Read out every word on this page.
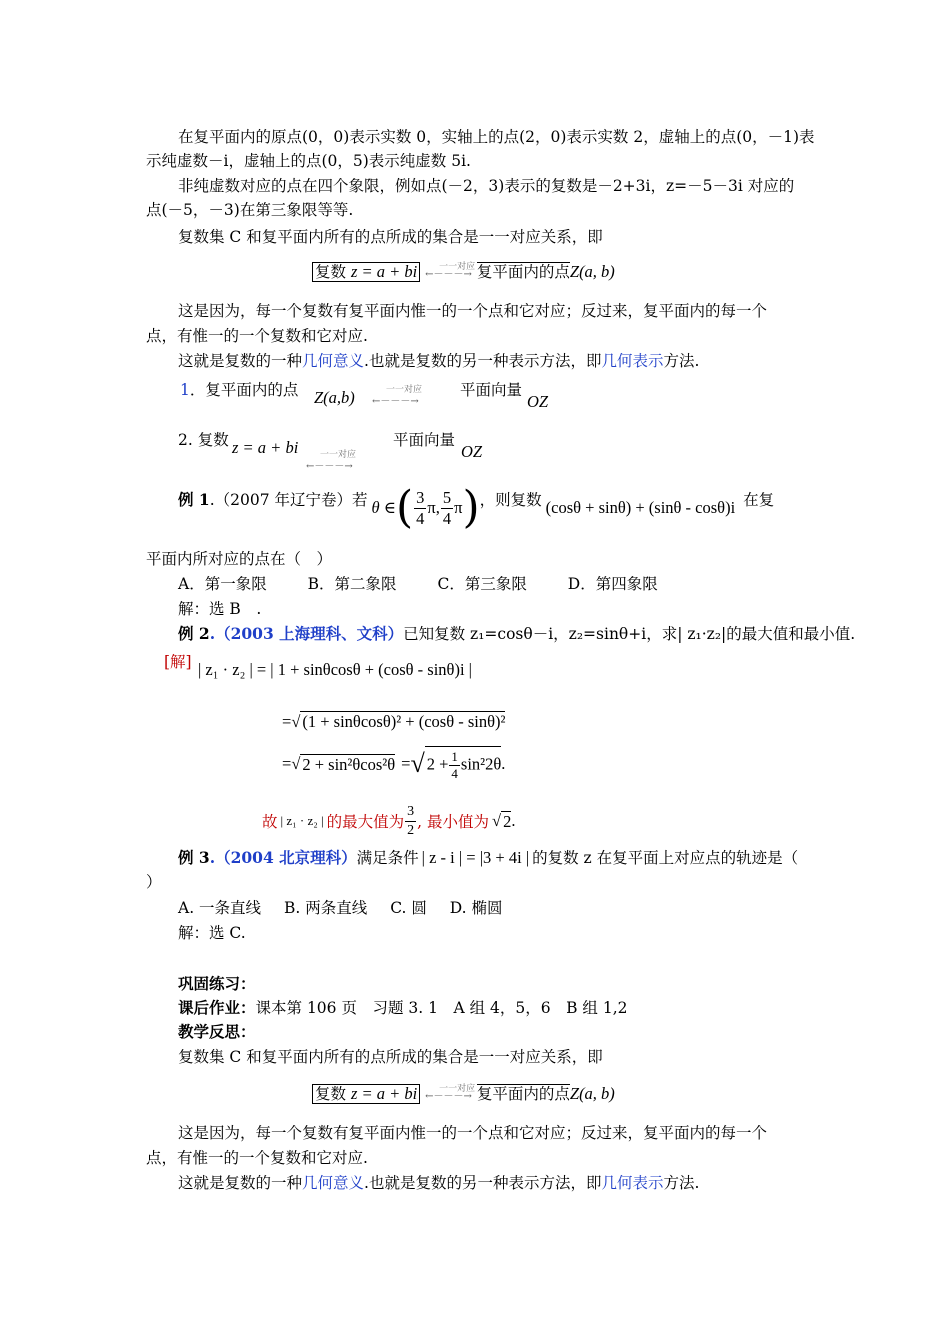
在复平面内的原点(0，0)表示实数 0，实轴上的点(2，0)表示实数 2，虚轴上的点(0，－1)表
示纯虚数－i，虚轴上的点(0，5)表示纯虚数 5i.
非纯虚数对应的点在四个象限，例如点(－2，3)表示的复数是－2+3i，z=－5－3i 对应的
点(－5，－3)在第三象限等等.
复数集 C 和复平面内所有的点所成的集合是一一对应关系，即
复数 z = a + bi ←－－－→
一一对应 复平面内的点Z(a, b)
这是因为，每一个复数有复平面内惟一的一个点和它对应；反过来，复平面内的每一个
点，有惟一的一个复数和它对应.
这就是复数的一种几何意义.也就是复数的另一种表示方法，即几何表示方法.
1．复平面内的点 Z(a,b) ←－－－→
一一对应 平面向量
OZ
2. 复数 z = a + bi
←－－－→
一一对应
平面向量
OZ
例 1.（2007 年辽宁卷）若 θ ∈ ( $\frac{3}{4}$ π , $\frac{5}{4}$ π ) ，则复数 (cosθ + sinθ) + (sinθ - cosθ)i 在复
平面内所对应的点在（　）
A．第一象限	B．第二象限	C．第三象限	D．第四象限
解：选 B　.
例 2.（2003 上海理科、文科）已知复数 z₁=cosθ－i，z₂=sinθ+i，求| z₁·z₂|的最大值和最小值.
[解] | z₁ · z₂ | = | 1 + sinθcosθ + (cosθ - sinθ)i |
=√ (1 + sinθcosθ)² + (cosθ - sinθ)²
= √ 2 + sin²θcos²θ = √ $2 + \frac{1}{4} \sin^22\theta$ .
故 | z₁ · z₂ | 的最大值为 $\frac{3}{2}$ , 最小值为 √ 2 .
例 3.（2004 北京理科）满足条件 | z - i | = |3 + 4i | 的复数 z 在复平面上对应点的轨迹是（
）
A. 一条直线 B. 两条直线 C. 圆 D. 椭圆
解：选 C.
巩固练习：
课后作业：课本第 106 页　习题 3. 1　A 组 4，5，6　B 组 1,2
教学反思：
复数集 C 和复平面内所有的点所成的集合是一一对应关系，即
复数 z = a + bi ←－－－→
一一对应 复平面内的点Z(a, b)
这是因为，每一个复数有复平面内惟一的一个点和它对应；反过来，复平面内的每一个
点，有惟一的一个复数和它对应.
这就是复数的一种几何意义.也就是复数的另一种表示方法，即几何表示方法.
